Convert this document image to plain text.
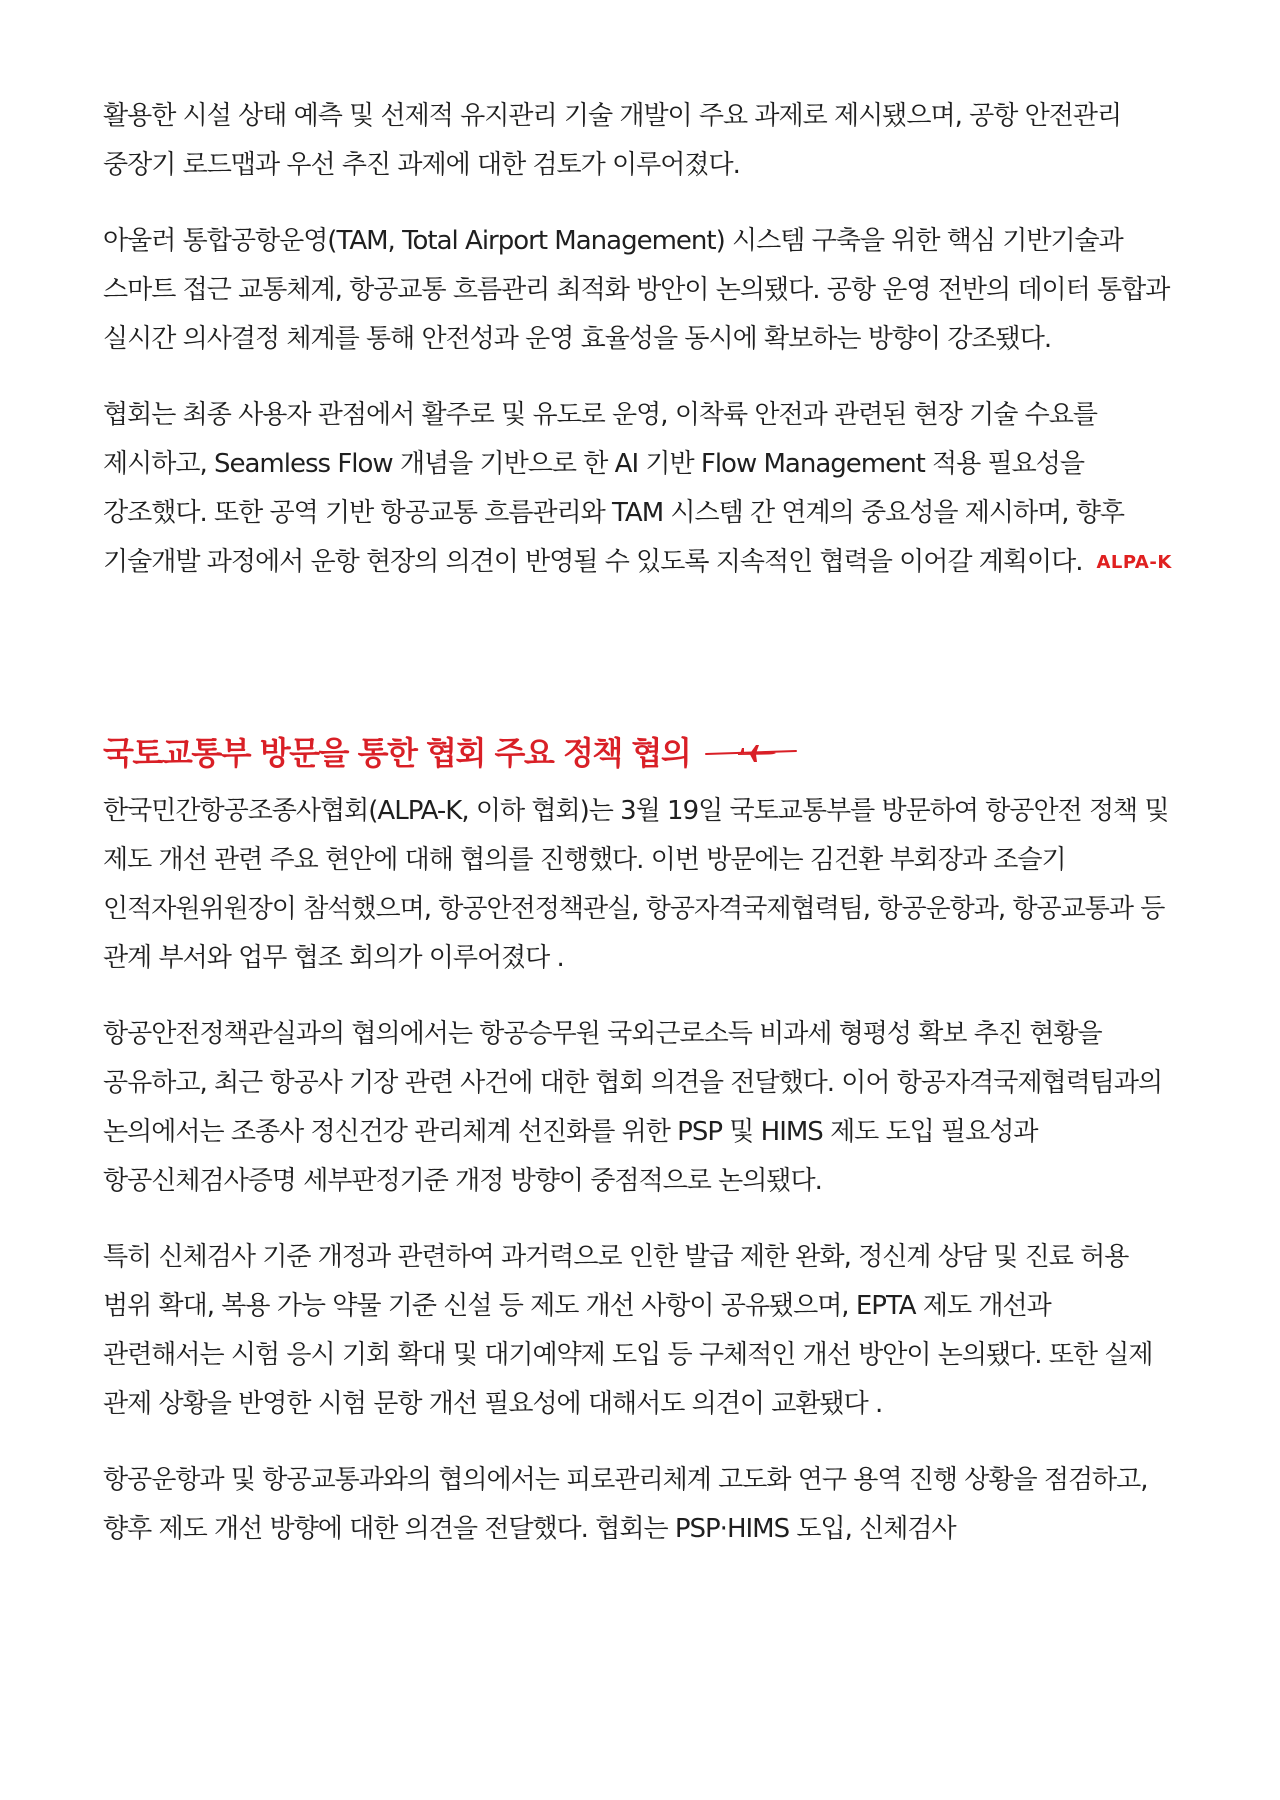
활용한 시설 상태 예측 및 선제적 유지관리 기술 개발이 주요 과제로 제시됐으며, 공항 안전관리 중장기 로드맵과 우선 추진 과제에 대한 검토가 이루어졌다.

아울러 통합공항운영(TAM, Total Airport Management) 시스템 구축을 위한 핵심 기반기술과 스마트 접근 교통체계, 항공교통 흐름관리 최적화 방안이 논의됐다. 공항 운영 전반의 데이터 통합과 실시간 의사결정 체계를 통해 안전성과 운영 효율성을 동시에 확보하는 방향이 강조됐다.

협회는 최종 사용자 관점에서 활주로 및 유도로 운영, 이착륙 안전과 관련된 현장 기술 수요를 제시하고, Seamless Flow 개념을 기반으로 한 AI 기반 Flow Management 적용 필요성을 강조했다. 또한 공역 기반 항공교통 흐름관리와 TAM 시스템 간 연계의 중요성을 제시하며, 향후 기술개발 과정에서 운항 현장의 의견이 반영될 수 있도록 지속적인 협력을 이어갈 계획이다. ALPA-K

국토교통부 방문을 통한 협회 주요 정책 협의

한국민간항공조종사협회(ALPA-K, 이하 협회)는 3월 19일 국토교통부를 방문하여 항공안전 정책 및 제도 개선 관련 주요 현안에 대해 협의를 진행했다. 이번 방문에는 김건환 부회장과 조슬기 인적자원위원장이 참석했으며, 항공안전정책관실, 항공자격국제협력팀, 항공운항과, 항공교통과 등 관계 부서와 업무 협조 회의가 이루어졌다 .

항공안전정책관실과의 협의에서는 항공승무원 국외근로소득 비과세 형평성 확보 추진 현황을 공유하고, 최근 항공사 기장 관련 사건에 대한 협회 의견을 전달했다. 이어 항공자격국제협력팀과의 논의에서는 조종사 정신건강 관리체계 선진화를 위한 PSP 및 HIMS 제도 도입 필요성과 항공신체검사증명 세부판정기준 개정 방향이 중점적으로 논의됐다.

특히 신체검사 기준 개정과 관련하여 과거력으로 인한 발급 제한 완화, 정신계 상담 및 진료 허용 범위 확대, 복용 가능 약물 기준 신설 등 제도 개선 사항이 공유됐으며, EPTA 제도 개선과 관련해서는 시험 응시 기회 확대 및 대기예약제 도입 등 구체적인 개선 방안이 논의됐다. 또한 실제 관제 상황을 반영한 시험 문항 개선 필요성에 대해서도 의견이 교환됐다 .

항공운항과 및 항공교통과와의 협의에서는 피로관리체계 고도화 연구 용역 진행 상황을 점검하고, 향후 제도 개선 방향에 대한 의견을 전달했다. 협회는 PSP·HIMS 도입, 신체검사
